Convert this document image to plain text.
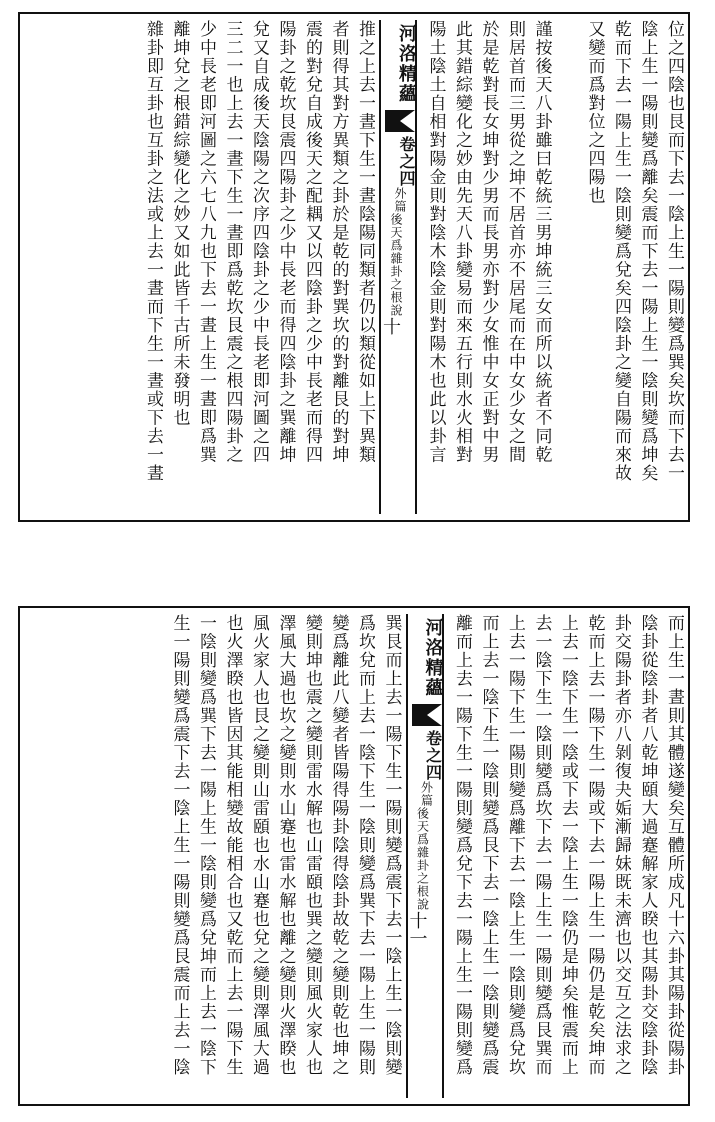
位之四陰也艮而下去一陰上生一陽則變爲巽矣坎而下去一
陰上生一陽則變爲離矣震而下去一陽上生一陰則變爲坤矣
乾而下去一陽上生一陰則變爲兌矣四陰卦之變自陽而來故
又變而爲對位之四陽也
謹按後天八卦雖曰乾統三男坤統三女而所以統者不同乾
則居首而三男從之坤不居首亦不居尾而在中女少女之間
於是乾對長女坤對少男而長男亦對少女惟中女正對中男
此其錯綜變化之妙由先天八卦變易而來五行則水火相對
陽土陰土自相對陽金則對陰木陰金則對陽木也此以卦言
河洛精蘊
卷之四
外篇
後天爲雜卦之根說
十
推之上去一晝下生一晝陰陽同類者仍以類從如上下異類
者則得其對方異類之卦於是乾的對巽坎的對離艮的對坤
震的對兌自成後天之配耦又以四陰卦之少中長老而得四
陽卦之乾坎艮震四陽卦之少中長老而得四陰卦之巽離坤
兌又自成後天陰陽之次序四陰卦之少中長老即河圖之四
三二一也上去一晝下生一晝即爲乾坎艮震之根四陽卦之
少中長老即河圖之六七八九也下去一晝上生一晝即爲巽
離坤兌之根錯綜變化之妙又如此皆千古所未發明也
雜卦即互卦也互卦之法或上去一晝而下生一晝或下去一晝
而上生一晝則其體遂變矣互體所成凡十六卦其陽卦從陽卦
陰卦從陰卦者八乾坤頤大過蹇解家人睽也其陽卦交陰卦陰
卦交陽卦者亦八剝復夬姤漸歸妹既未濟也以交互之法求之
乾而上去一陽下生一陽或下去一陽上生一陽仍是乾矣坤而
上去一陰下生一陰或下去一陰上生一陰仍是坤矣惟震而上
去一陰下生一陰則變爲坎下去一陽上生一陽則變爲艮巽而
上去一陽下生一陽則變爲離下去一陰上生一陰則變爲兌坎
而上去一陰下生一陰則變爲艮下去一陰上生一陰則變爲震
離而上去一陽下生一陽則變爲兌下去一陽上生一陽則變爲
河洛精蘊
卷之四
外篇
後天爲雜卦之根說
十一
巽艮而上去一陽下生一陽則變爲震下去一陰上生一陰則變
爲坎兌而上去一陰下生一陰則變爲巽下去一陽上生一陽則
變爲離此八變者皆陽得陽卦陰得陰卦故乾之變則乾也坤之
變則坤也震之變則雷水解也山雷頤也巽之變則風火家人也
澤風大過也坎之變則水山蹇也雷水解也離之變則火澤睽也
風火家人也艮之變則山雷頤也水山蹇也兌之變則澤風大過
也火澤睽也皆因其能相變故能相合也又乾而上去一陽下生
一陰則變爲巽下去一陽上生一陰則變爲兌坤而上去一陰下
生一陽則變爲震下去一陰上生一陽則變爲艮震而上去一陰
